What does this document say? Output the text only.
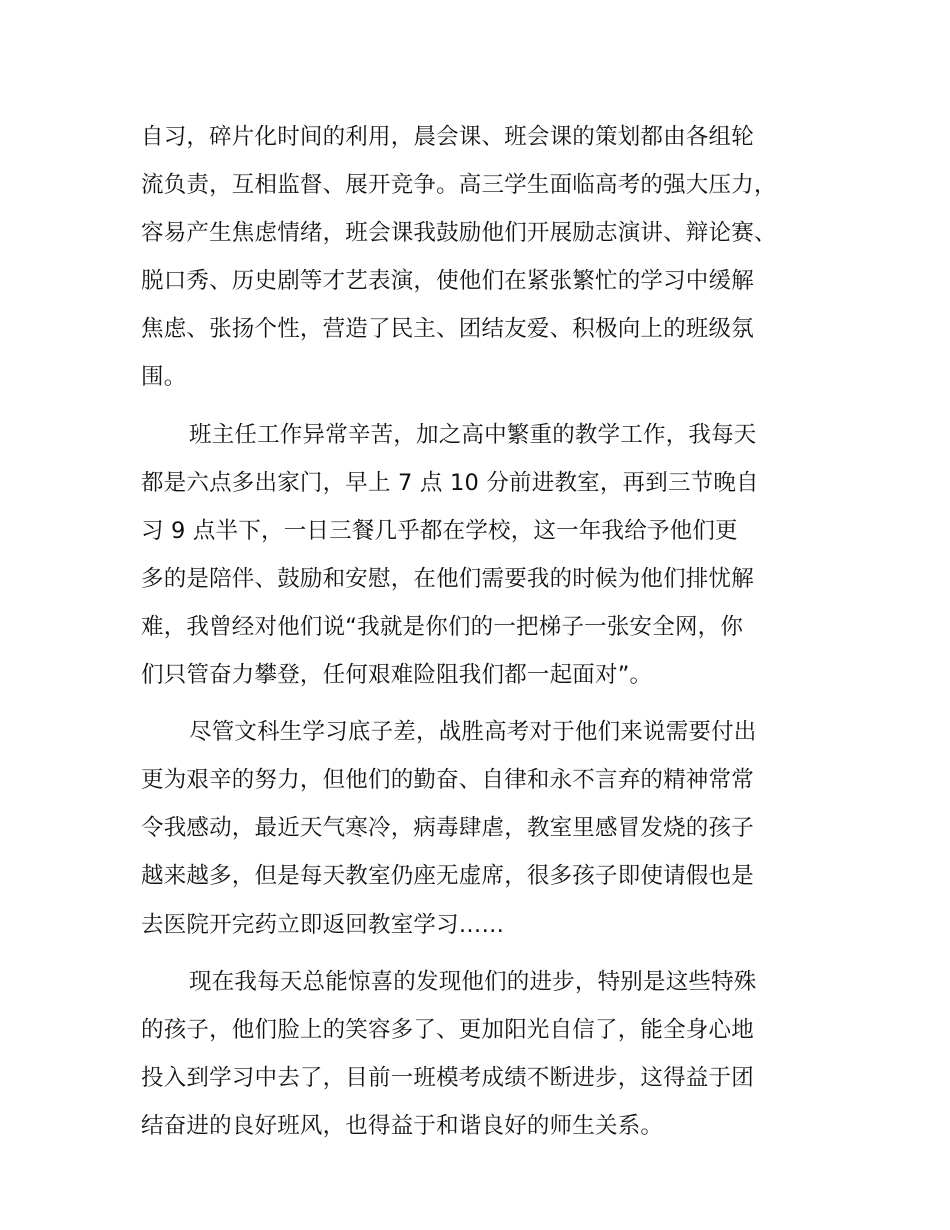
自习，碎片化时间的利用，晨会课、班会课的策划都由各组轮
流负责，互相监督、展开竞争。高三学生面临高考的强大压力，
容易产生焦虑情绪，班会课我鼓励他们开展励志演讲、辩论赛、
脱口秀、历史剧等才艺表演，使他们在紧张繁忙的学习中缓解
焦虑、张扬个性，营造了民主、团结友爱、积极向上的班级氛
围。
班主任工作异常辛苦，加之高中繁重的教学工作，我每天
都是六点多出家门，早上 7 点 10 分前进教室，再到三节晚自
习 9 点半下，一日三餐几乎都在学校，这一年我给予他们更
多的是陪伴、鼓励和安慰，在他们需要我的时候为他们排忧解
难，我曾经对他们说“我就是你们的一把梯子一张安全网，你
们只管奋力攀登，任何艰难险阻我们都一起面对”。
尽管文科生学习底子差，战胜高考对于他们来说需要付出
更为艰辛的努力，但他们的勤奋、自律和永不言弃的精神常常
令我感动，最近天气寒冷，病毒肆虐，教室里感冒发烧的孩子
越来越多，但是每天教室仍座无虚席，很多孩子即使请假也是
去医院开完药立即返回教室学习……
现在我每天总能惊喜的发现他们的进步，特别是这些特殊
的孩子，他们脸上的笑容多了、更加阳光自信了，能全身心地
投入到学习中去了，目前一班模考成绩不断进步，这得益于团
结奋进的良好班风，也得益于和谐良好的师生关系。
